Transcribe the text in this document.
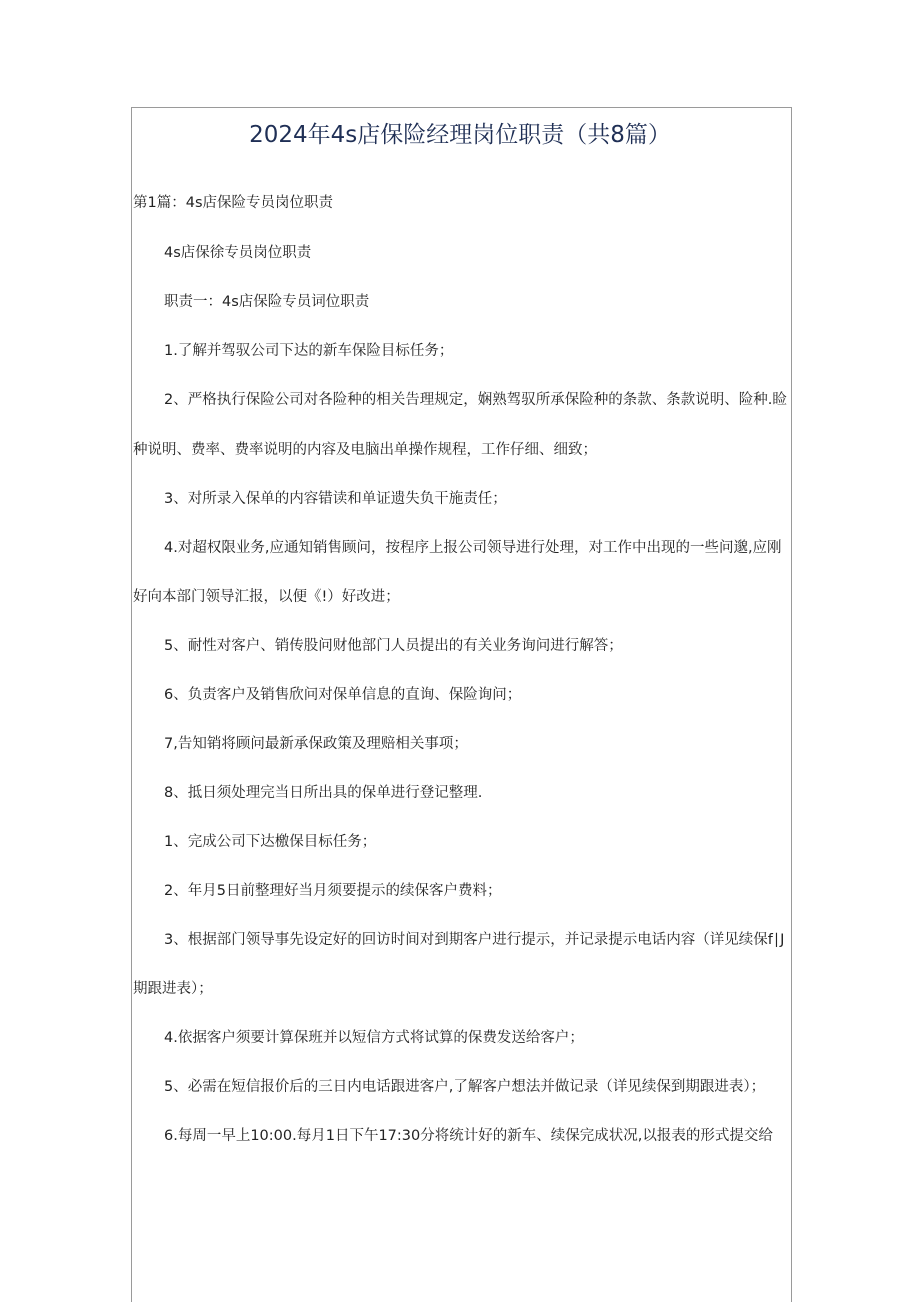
2024年4s店保险经理岗位职责（共8篇）
第1篇：4s店保险专员岗位职责
4s店保徐专员岗位职责
职责一：4s店保险专员词位职责
1.了解并驾驭公司下达的新车保险目标任务；
2、严格执行保险公司对各险种的相关告理规定，娴熟驾驭所承保险种的条款、条款说明、险种.睑
种说明、费率、费率说明的内容及电脑出单操作规程，工作仔细、细致；
3、对所录入保单的内容错读和单证遗失负干施责任；
4.对超权限业务,应通知销售顾问，按程序上报公司领导进行处理，对工作中出现的一些问邈,应刚
好向本部门领导汇报，以便《!）好改进；
5、耐性对客户、销传股问财他部门人员提出的有关业务询问进行解答；
6、负责客户及销售欣问对保单信息的直询、保险询问；
7,告知销将顾问最新承保政策及理赔相关事项；
8、抵日须处理完当日所出具的保单进行登记整理.
1、完成公司下达檄保目标任务；
2、年月5日前整理好当月须要提示的续保客户费料；
3、根据部门领导事先设定好的回访时间对到期客户进行提示，并记录提示电话内容（详见续保f∣J
期跟进表）；
4.依据客户须要计算保班并以短信方式将试算的保费发送给客户；
5、必需在短信报价后的三日内电话跟进客户,了解客户想法并做记录（详见续保到期跟进表）；
6.每周一早上10:00.每月1日下午17:30分将统计好的新车、续保完成状况,以报表的形式提交给
